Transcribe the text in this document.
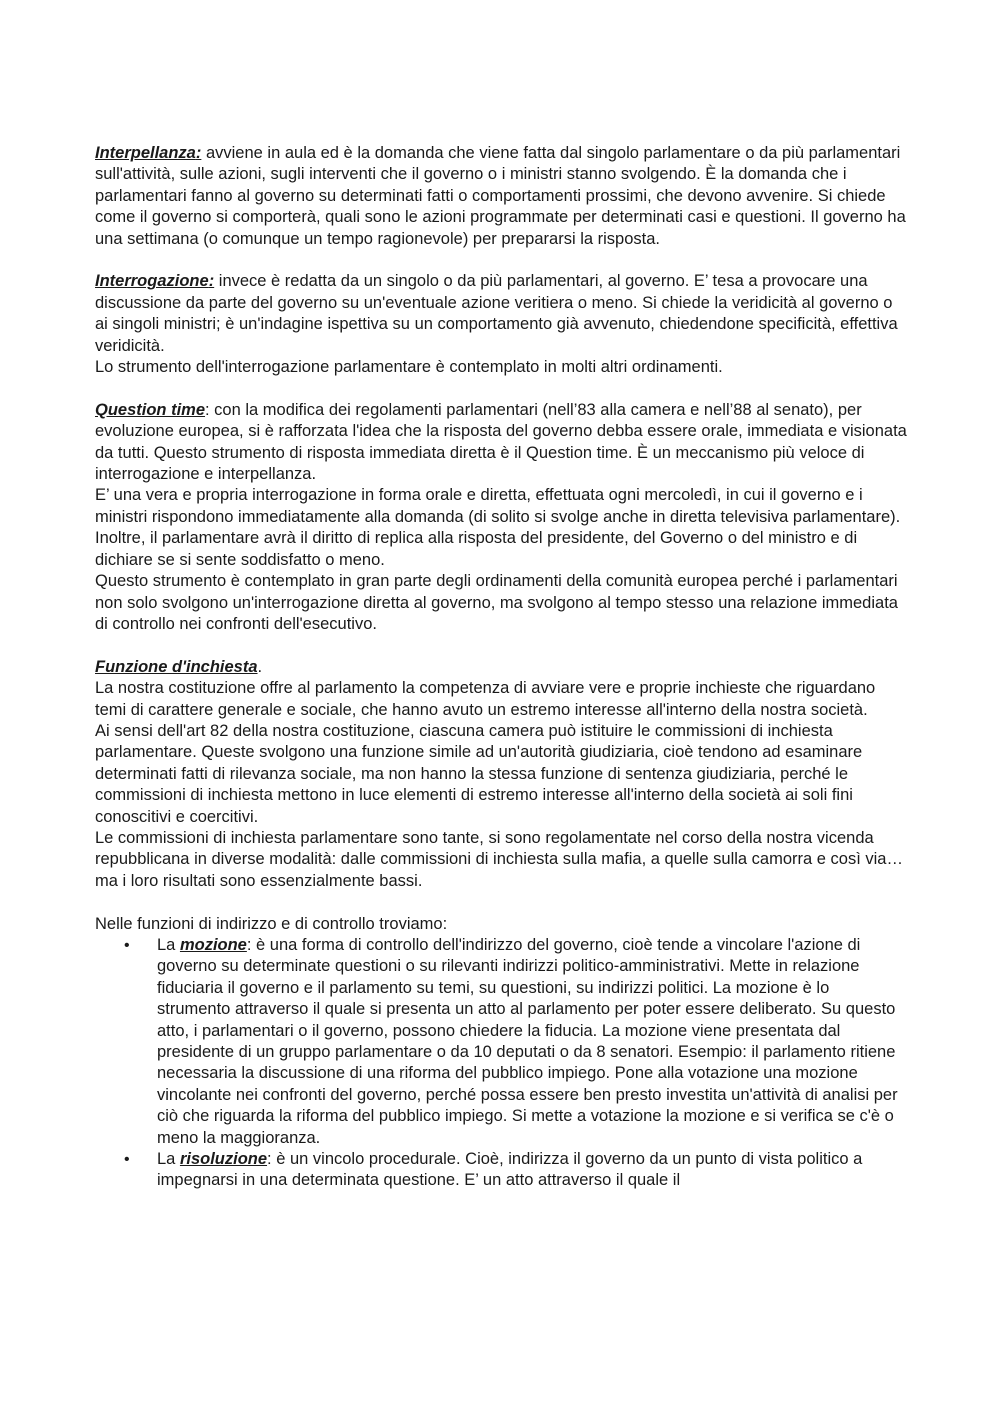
Interpellanza: avviene in aula ed è la domanda che viene fatta dal singolo parlamentare o da più parlamentari sull'attività, sulle azioni, sugli interventi che il governo o i ministri stanno svolgendo. È la domanda che i parlamentari fanno al governo su determinati fatti o comportamenti prossimi, che devono avvenire. Si chiede come il governo si comporterà, quali sono le azioni programmate per determinati casi e questioni. Il governo ha una settimana (o comunque un tempo ragionevole) per prepararsi la risposta.

Interrogazione: invece è redatta da un singolo o da più parlamentari, al governo. E’ tesa a provocare una discussione da parte del governo su un'eventuale azione veritiera o meno. Si chiede la veridicità al governo o ai singoli ministri; è un'indagine ispettiva su un comportamento già avvenuto, chiedendone specificità, effettiva veridicità.

Lo strumento dell'interrogazione parlamentare è contemplato in molti altri ordinamenti.

Question time: con la modifica dei regolamenti parlamentari (nell’83 alla camera e nell’88 al senato), per evoluzione europea, si è rafforzata l'idea che la risposta del governo debba essere orale, immediata e visionata da tutti. Questo strumento di risposta immediata diretta è il Question time. È un meccanismo più veloce di interrogazione e interpellanza.

E’ una vera e propria interrogazione in forma orale e diretta, effettuata ogni mercoledì, in cui il governo e i ministri rispondono immediatamente alla domanda (di solito si svolge anche in diretta televisiva parlamentare).

Inoltre, il parlamentare avrà il diritto di replica alla risposta del presidente, del Governo o del ministro e di dichiare se si sente soddisfatto o meno.

Questo strumento è contemplato in gran parte degli ordinamenti della comunità europea perché i parlamentari non solo svolgono un'interrogazione diretta al governo, ma svolgono al tempo stesso una relazione immediata di controllo nei confronti dell'esecutivo.

Funzione d'inchiesta.

La nostra costituzione offre al parlamento la competenza di avviare vere e proprie inchieste che riguardano temi di carattere generale e sociale, che hanno avuto un estremo interesse all'interno della nostra società.

Ai sensi dell'art 82 della nostra costituzione, ciascuna camera può istituire le commissioni di inchiesta parlamentare. Queste svolgono una funzione simile ad un'autorità giudiziaria, cioè tendono ad esaminare determinati fatti di rilevanza sociale, ma non hanno la stessa funzione di sentenza giudiziaria, perché le commissioni di inchiesta mettono in luce elementi di estremo interesse all'interno della società ai soli fini conoscitivi e coercitivi.

Le commissioni di inchiesta parlamentare sono tante, si sono regolamentate nel corso della nostra vicenda repubblicana in diverse modalità: dalle commissioni di inchiesta sulla mafia, a quelle sulla camorra e così via… ma i loro risultati sono essenzialmente bassi.

Nelle funzioni di indirizzo e di controllo troviamo:

• La mozione: è una forma di controllo dell'indirizzo del governo, cioè tende a vincolare l'azione di governo su determinate questioni o su rilevanti indirizzi politico-amministrativi. Mette in relazione fiduciaria il governo e il parlamento su temi, su questioni, su indirizzi politici. La mozione è lo strumento attraverso il quale si presenta un atto al parlamento per poter essere deliberato. Su questo atto, i parlamentari o il governo, possono chiedere la fiducia. La mozione viene presentata dal presidente di un gruppo parlamentare o da 10 deputati o da 8 senatori. Esempio: il parlamento ritiene necessaria la discussione di una riforma del pubblico impiego. Pone alla votazione una mozione vincolante nei confronti del governo, perché possa essere ben presto investita un'attività di analisi per ciò che riguarda la riforma del pubblico impiego. Si mette a votazione la mozione e si verifica se c'è o meno la maggioranza.
• La risoluzione: è un vincolo procedurale. Cioè, indirizza il governo da un punto di vista politico a impegnarsi in una determinata questione. E’ un atto attraverso il quale il
